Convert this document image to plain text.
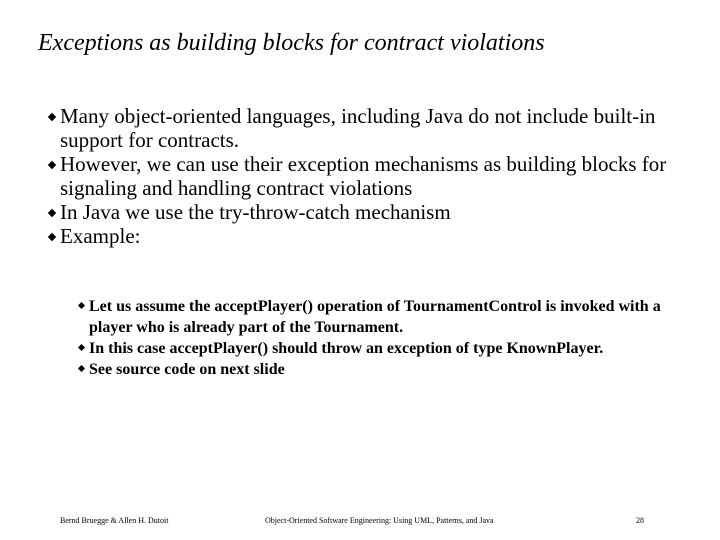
Exceptions as building blocks for contract violations
Many object-oriented languages, including Java do not include built-in support for contracts.
However, we can use their exception mechanisms as building blocks for signaling and handling contract violations
In Java we use the try-throw-catch mechanism
Example:
Let us assume the acceptPlayer() operation of TournamentControl is invoked with a player who is already part of the Tournament.
In this case acceptPlayer() should throw an exception of type KnownPlayer.
See source code on next slide
Bernd Bruegge & Allen H. Dutoit	Object-Oriented Software Engineering: Using UML, Patterns, and Java	28
